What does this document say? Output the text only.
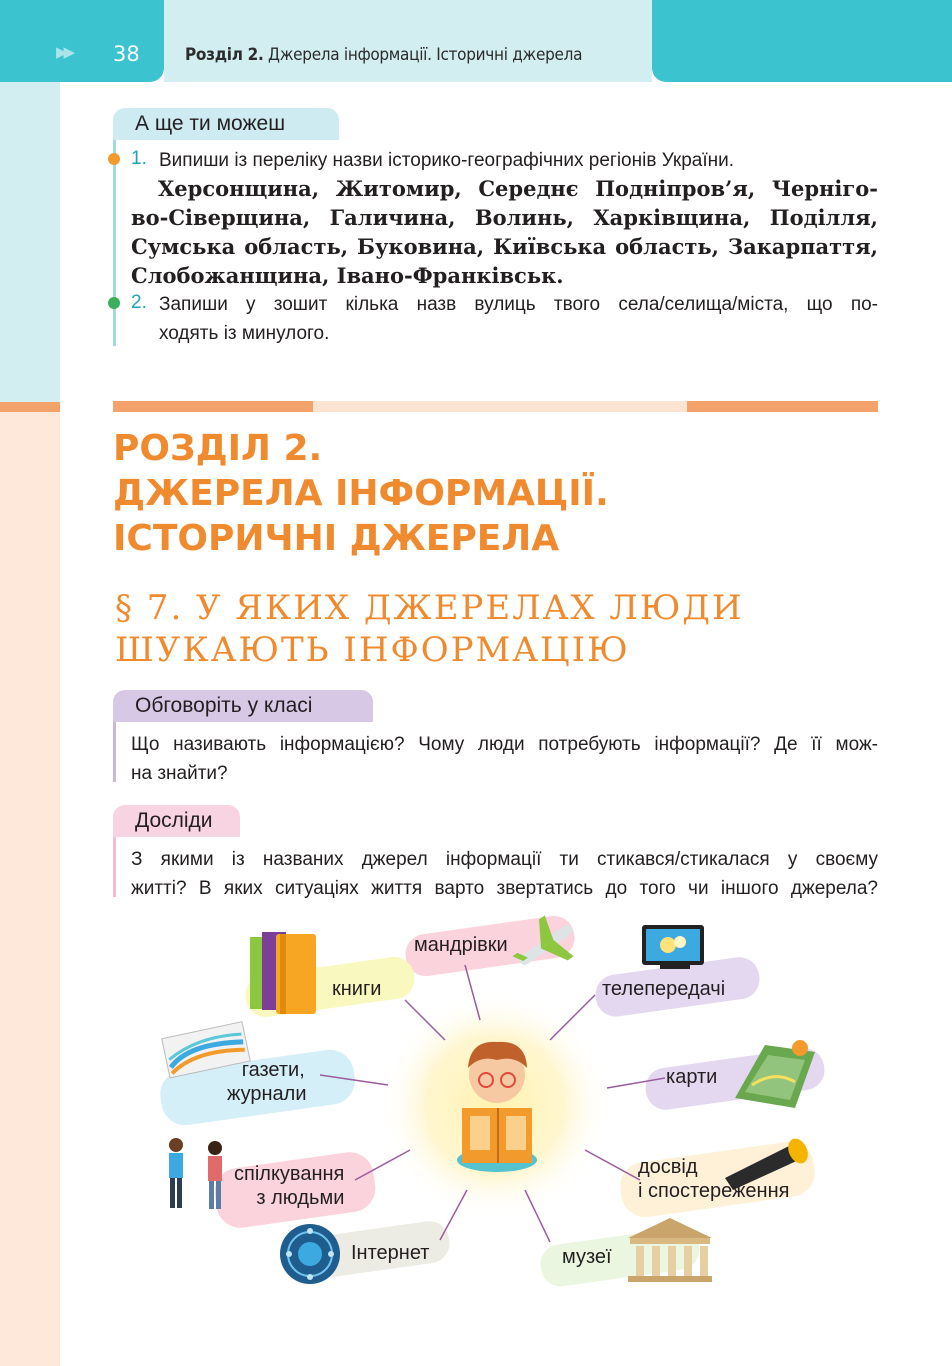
▶▶ 38	Розділ 2. Джерела інформації. Історичні джерела
А ще ти можеш
1. Випиши із переліку назви історико-географічних регіонів України.
Херсонщина, Житомир, Середнє Подніпров’я, Черніго-
во-Сіверщина, Галичина, Волинь, Харківщина, Поділля,
Сумська область, Буковина, Київська область, Закарпаття,
Слобожанщина, Івано-Франківськ.
2. Запиши у зошит кілька назв вулиць твого села/селища/міста, що по-
ходять із минулого.
РОЗДІЛ 2.
ДЖЕРЕЛА ІНФОРМАЦІЇ.
ІСТОРИЧНІ ДЖЕРЕЛА
§ 7. У ЯКИХ ДЖЕРЕЛАХ ЛЮДИ
ШУКАЮТЬ ІНФОРМАЦІЮ
Обговоріть у класі
Що називають інформацією? Чому люди потребують інформації? Де її мож-
на знайти?
Досліди
З якими із названих джерел інформації ти стикався/стикалася у своєму
житті? В яких ситуаціях життя варто звертатись до того чи іншого джерела?
мандрівки
книги	телепередачі
газети,
журнали
карти
спілкування
з людьми
досвід
і спостереження
Інтернет	музеї
